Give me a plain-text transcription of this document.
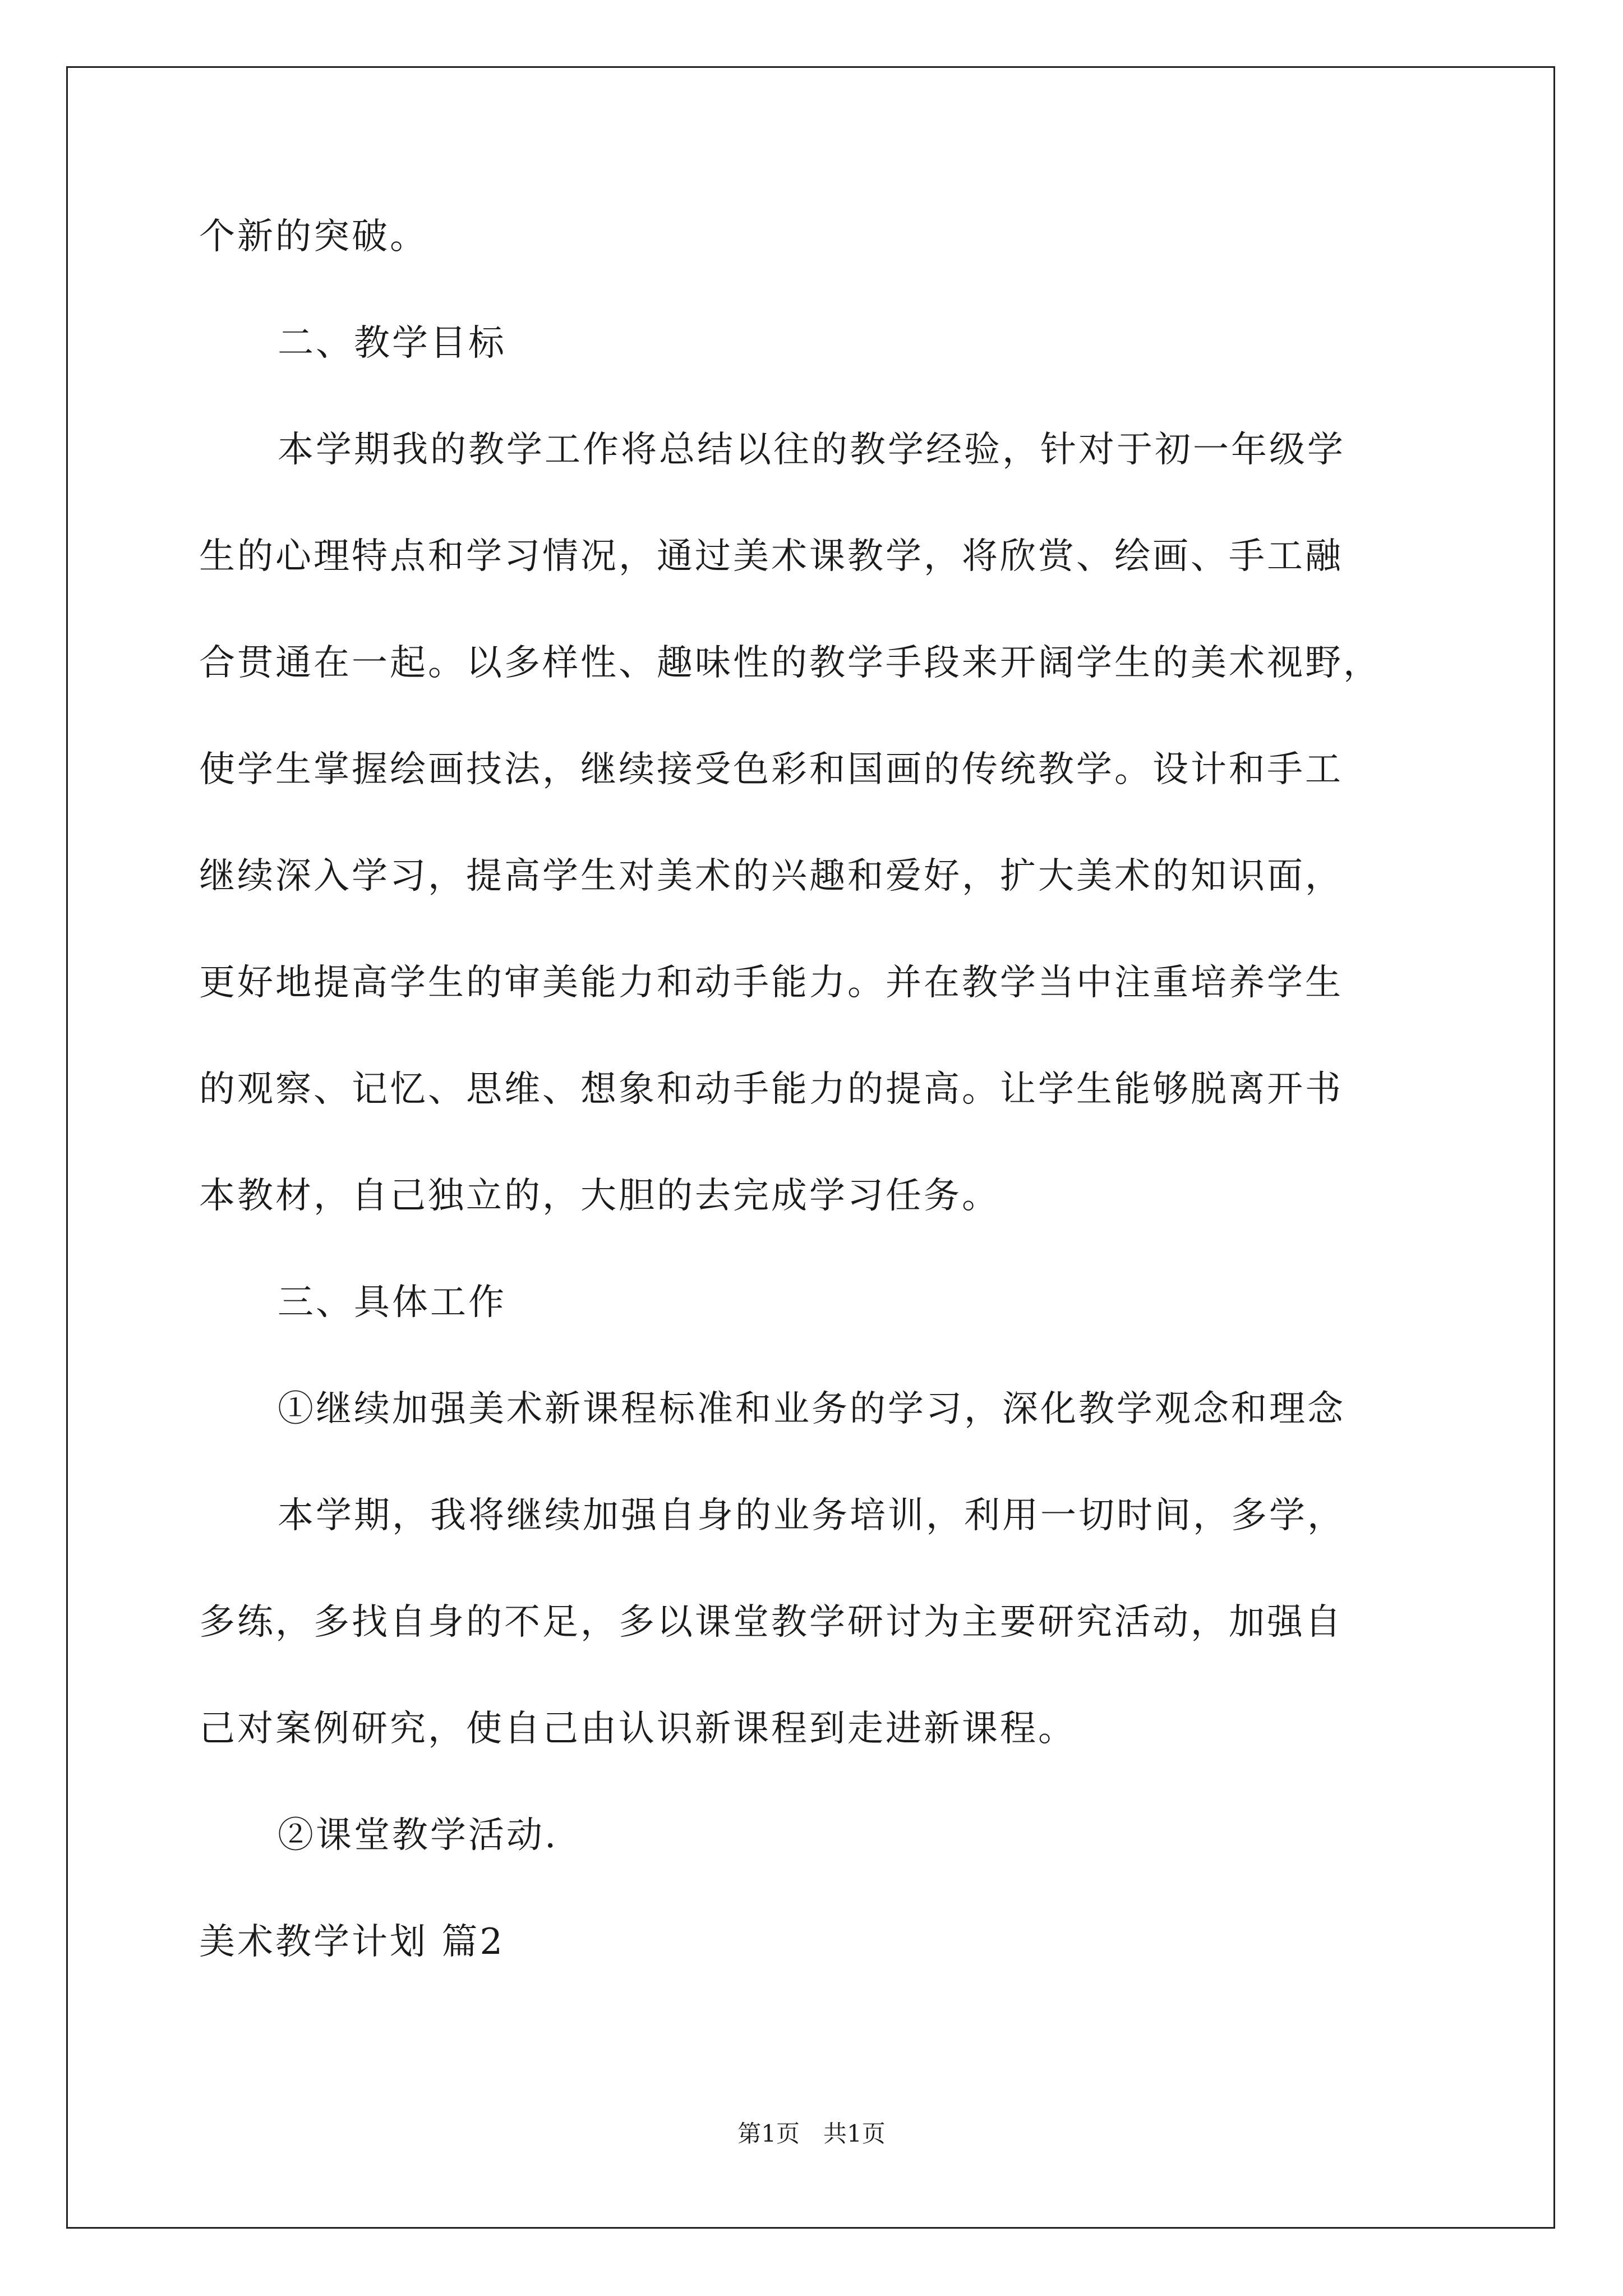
个新的突破。
二、教学目标
本学期我的教学工作将总结以往的教学经验，针对于初一年级学
生的心理特点和学习情况，通过美术课教学，将欣赏、绘画、手工融
合贯通在一起。以多样性、趣味性的教学手段来开阔学生的美术视野，
使学生掌握绘画技法，继续接受色彩和国画的传统教学。设计和手工
继续深入学习，提高学生对美术的兴趣和爱好，扩大美术的知识面，
更好地提高学生的审美能力和动手能力。并在教学当中注重培养学生
的观察、记忆、思维、想象和动手能力的提高。让学生能够脱离开书
本教材，自己独立的，大胆的去完成学习任务。
三、具体工作
①继续加强美术新课程标准和业务的学习，深化教学观念和理念
本学期，我将继续加强自身的业务培训，利用一切时间，多学，
多练，多找自身的不足，多以课堂教学研讨为主要研究活动，加强自
己对案例研究，使自己由认识新课程到走进新课程。
②课堂教学活动.
美术教学计划 篇2
第1页　共1页
